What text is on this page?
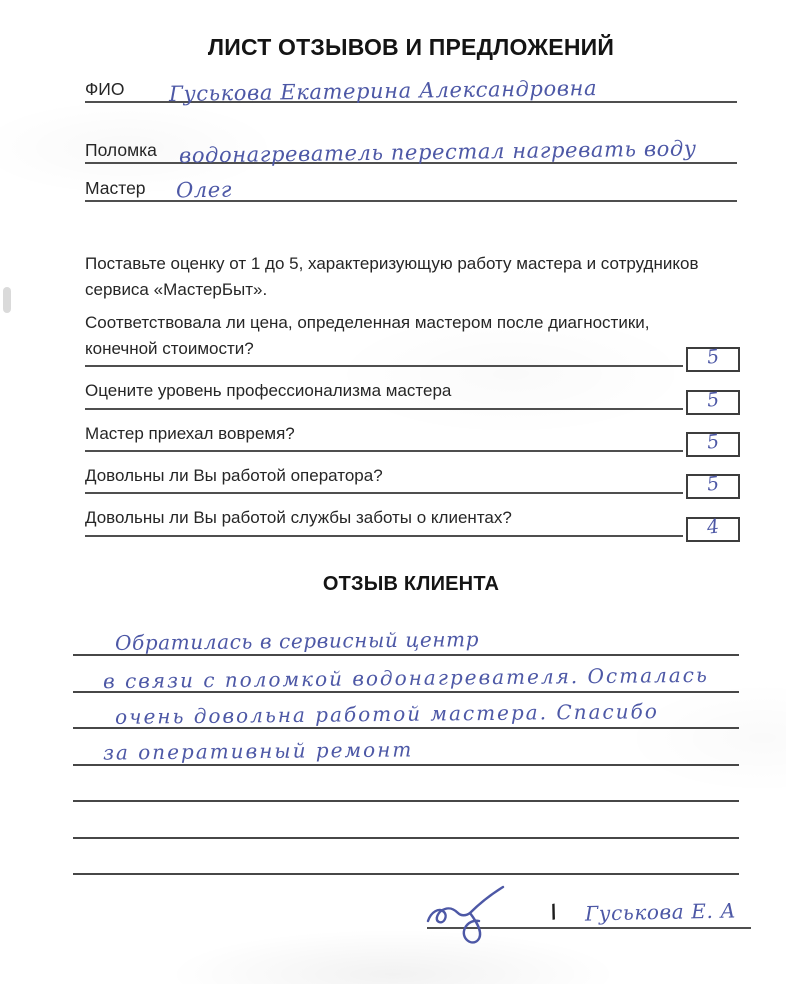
ЛИСТ ОТЗЫВОВ И ПРЕДЛОЖЕНИЙ
ФИО Гуськова Екатерина Александровна
Поломка водонагреватель перестал нагревать воду
Мастер Олег

Поставьте оценку от 1 до 5, характеризующую работу мастера и сотрудников сервиса «МастерБыт».

Соответствовала ли цена, определенная мастером после диагностики, конечной стоимости?	5
Оцените уровень профессионализма мастера	5
Мастер приехал вовремя?	5
Довольны ли Вы работой оператора?	5
Довольны ли Вы работой службы заботы о клиентах?	4
ОТЗЫВ КЛИЕНТА
Обратилась в сервисный центр
в связи с поломкой водонагревателя. Осталась
очень довольна работой мастера. Спасибо
за оперативный ремонт
/ Гуськова Е. А
